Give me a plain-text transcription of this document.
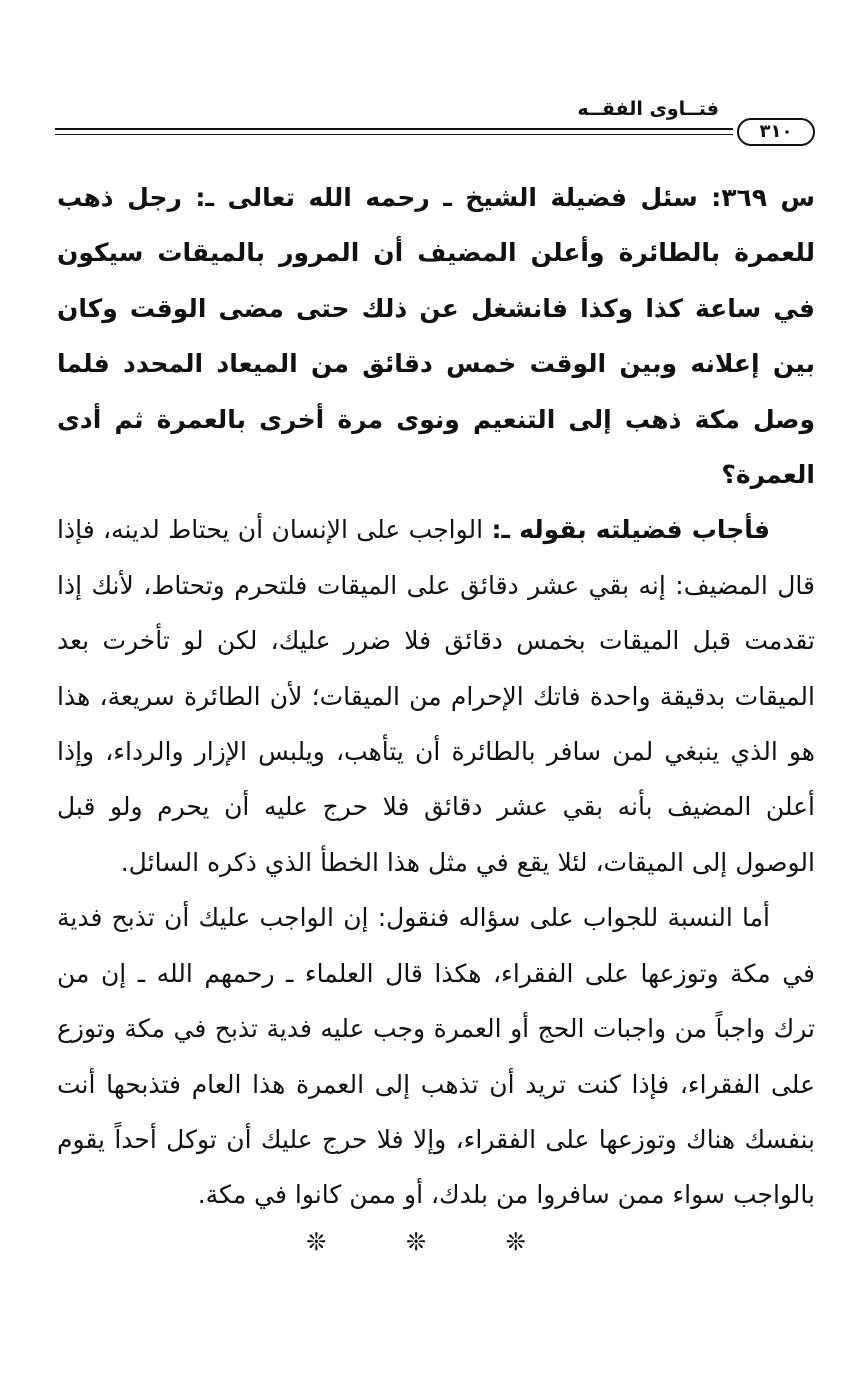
فتــاوى الفقــه
٣١٠

س ٣٦٩: سئل فضيلة الشيخ ـ رحمه الله تعالى ـ: رجل ذهب للعمرة بالطائرة وأعلن المضيف أن المرور بالميقات سيكون في ساعة كذا وكذا فانشغل عن ذلك حتى مضى الوقت وكان بين إعلانه وبين الوقت خمس دقائق من الميعاد المحدد فلما وصل مكة ذهب إلى التنعيم ونوى مرة أخرى بالعمرة ثم أدى العمرة؟

فأجاب فضيلته بقوله ـ: الواجب على الإنسان أن يحتاط لدينه، فإذا قال المضيف: إنه بقي عشر دقائق على الميقات فلتحرم وتحتاط، لأنك إذا تقدمت قبل الميقات بخمس دقائق فلا ضرر عليك، لكن لو تأخرت بعد الميقات بدقيقة واحدة فاتك الإحرام من الميقات؛ لأن الطائرة سريعة، هذا هو الذي ينبغي لمن سافر بالطائرة أن يتأهب، ويلبس الإزار والرداء، وإذا أعلن المضيف بأنه بقي عشر دقائق فلا حرج عليه أن يحرم ولو قبل الوصول إلى الميقات، لئلا يقع في مثل هذا الخطأ الذي ذكره السائل.

أما النسبة للجواب على سؤاله فنقول: إن الواجب عليك أن تذبح فدية في مكة وتوزعها على الفقراء، هكذا قال العلماء ـ رحمهم الله ـ إن من ترك واجباً من واجبات الحج أو العمرة وجب عليه فدية تذبح في مكة وتوزع على الفقراء، فإذا كنت تريد أن تذهب إلى العمرة هذا العام فتذبحها أنت بنفسك هناك وتوزعها على الفقراء، وإلا فلا حرج عليك أن توكل أحداً يقوم بالواجب سواء ممن سافروا من بلدك، أو ممن كانوا في مكة.

❊ ❊ ❊
